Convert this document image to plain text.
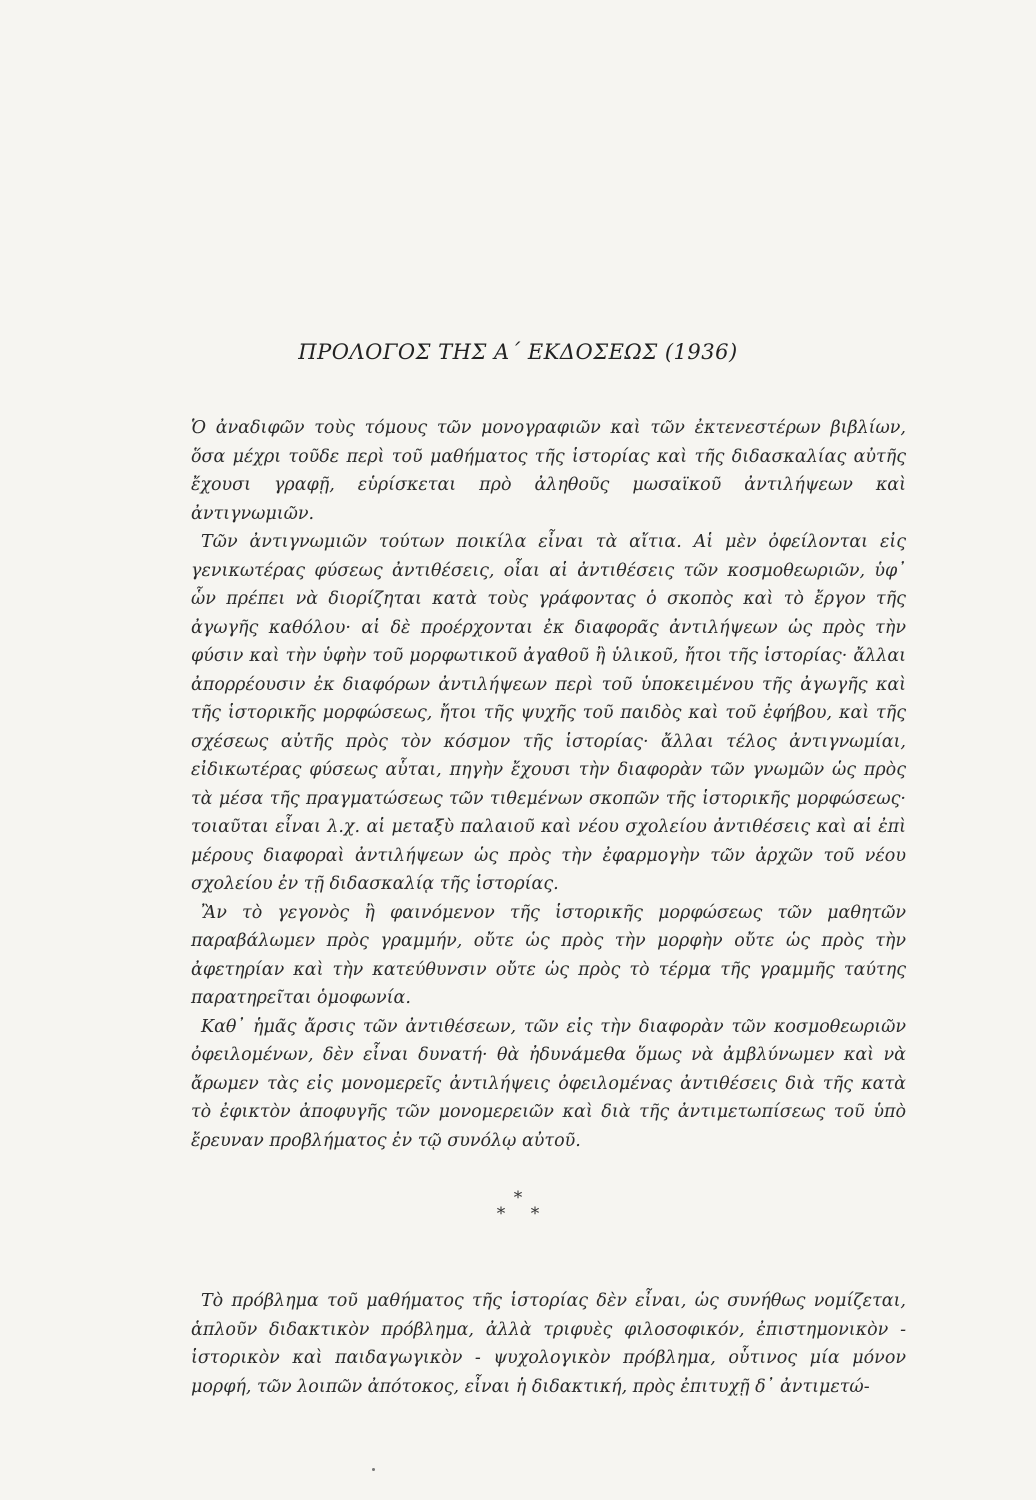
ΠΡΟΛΟΓΟΣ ΤΗΣ Α΄ ΕΚΔΟΣΕΩΣ (1936)

Ὁ ἀναδιφῶν τοὺς τόμους τῶν μονογραφιῶν καὶ τῶν ἐκτενεστέρων βιβλίων, ὅσα μέχρι τοῦδε περὶ τοῦ μαθήματος τῆς ἱστορίας καὶ τῆς διδασκαλίας αὐτῆς ἔχουσι γραφῇ, εὑρίσκεται πρὸ ἀληθοῦς μωσαϊκοῦ ἀντιλήψεων καὶ ἀντιγνωμιῶν.

Τῶν ἀντιγνωμιῶν τούτων ποικίλα εἶναι τὰ αἴτια. Αἱ μὲν ὀφείλονται εἰς γενικωτέρας φύσεως ἀντιθέσεις, οἷαι αἱ ἀντιθέσεις τῶν κοσμοθεωριῶν, ὑφ᾽ ὧν πρέπει νὰ διορίζηται κατὰ τοὺς γράφοντας ὁ σκοπὸς καὶ τὸ ἔργον τῆς ἀγωγῆς καθόλου· αἱ δὲ προέρχονται ἐκ διαφορᾶς ἀντιλήψεων ὡς πρὸς τὴν φύσιν καὶ τὴν ὑφὴν τοῦ μορφωτικοῦ ἀγαθοῦ ἢ ὑλικοῦ, ἤτοι τῆς ἱστορίας· ἄλλαι ἀπορρέουσιν ἐκ διαφόρων ἀντιλήψεων περὶ τοῦ ὑποκειμένου τῆς ἀγωγῆς καὶ τῆς ἱστορικῆς μορφώσεως, ἤτοι τῆς ψυχῆς τοῦ παιδὸς καὶ τοῦ ἐφήβου, καὶ τῆς σχέσεως αὐτῆς πρὸς τὸν κόσμον τῆς ἱστορίας· ἄλλαι τέλος ἀντιγνωμίαι, εἰδικωτέρας φύσεως αὗται, πηγὴν ἔχουσι τὴν διαφορὰν τῶν γνωμῶν ὡς πρὸς τὰ μέσα τῆς πραγματώσεως τῶν τιθεμένων σκοπῶν τῆς ἱστορικῆς μορφώσεως· τοιαῦται εἶναι λ.χ. αἱ μεταξὺ παλαιοῦ καὶ νέου σχολείου ἀντιθέσεις καὶ αἱ ἐπὶ μέρους διαφοραὶ ἀντιλήψεων ὡς πρὸς τὴν ἐφαρμογὴν τῶν ἀρχῶν τοῦ νέου σχολείου ἐν τῇ διδασκαλίᾳ τῆς ἱστορίας.

Ἂν τὸ γεγονὸς ἢ φαινόμενον τῆς ἱστορικῆς μορφώσεως τῶν μαθητῶν παραβάλωμεν πρὸς γραμμήν, οὔτε ὡς πρὸς τὴν μορφὴν οὔτε ὡς πρὸς τὴν ἀφετηρίαν καὶ τὴν κατεύθυνσιν οὔτε ὡς πρὸς τὸ τέρμα τῆς γραμμῆς ταύτης παρατηρεῖται ὁμοφωνία.

Καθ᾽ ἡμᾶς ἄρσις τῶν ἀντιθέσεων, τῶν εἰς τὴν διαφορὰν τῶν κοσμοθεωριῶν ὀφειλομένων, δὲν εἶναι δυνατή· θὰ ἠδυνάμεθα ὅμως νὰ ἀμβλύνωμεν καὶ νὰ ἄρωμεν τὰς εἰς μονομερεῖς ἀντιλήψεις ὀφειλομένας ἀντιθέσεις διὰ τῆς κατὰ τὸ ἐφικτὸν ἀποφυγῆς τῶν μονομερειῶν καὶ διὰ τῆς ἀντιμετωπίσεως τοῦ ὑπὸ ἔρευναν προβλήματος ἐν τῷ συνόλῳ αὐτοῦ.

*
* *

Τὸ πρόβλημα τοῦ μαθήματος τῆς ἱστορίας δὲν εἶναι, ὡς συνήθως νομίζεται, ἁπλοῦν διδακτικὸν πρόβλημα, ἀλλὰ τριφυὲς φιλοσοφικόν, ἐπιστημονικὸν - ἱστορικὸν καὶ παιδαγωγικὸν - ψυχολογικὸν πρόβλημα, οὗτινος μία μόνον μορφή, τῶν λοιπῶν ἀπότοκος, εἶναι ἡ διδακτική, πρὸς ἐπιτυχῇ δ᾽ ἀντιμετώ-
